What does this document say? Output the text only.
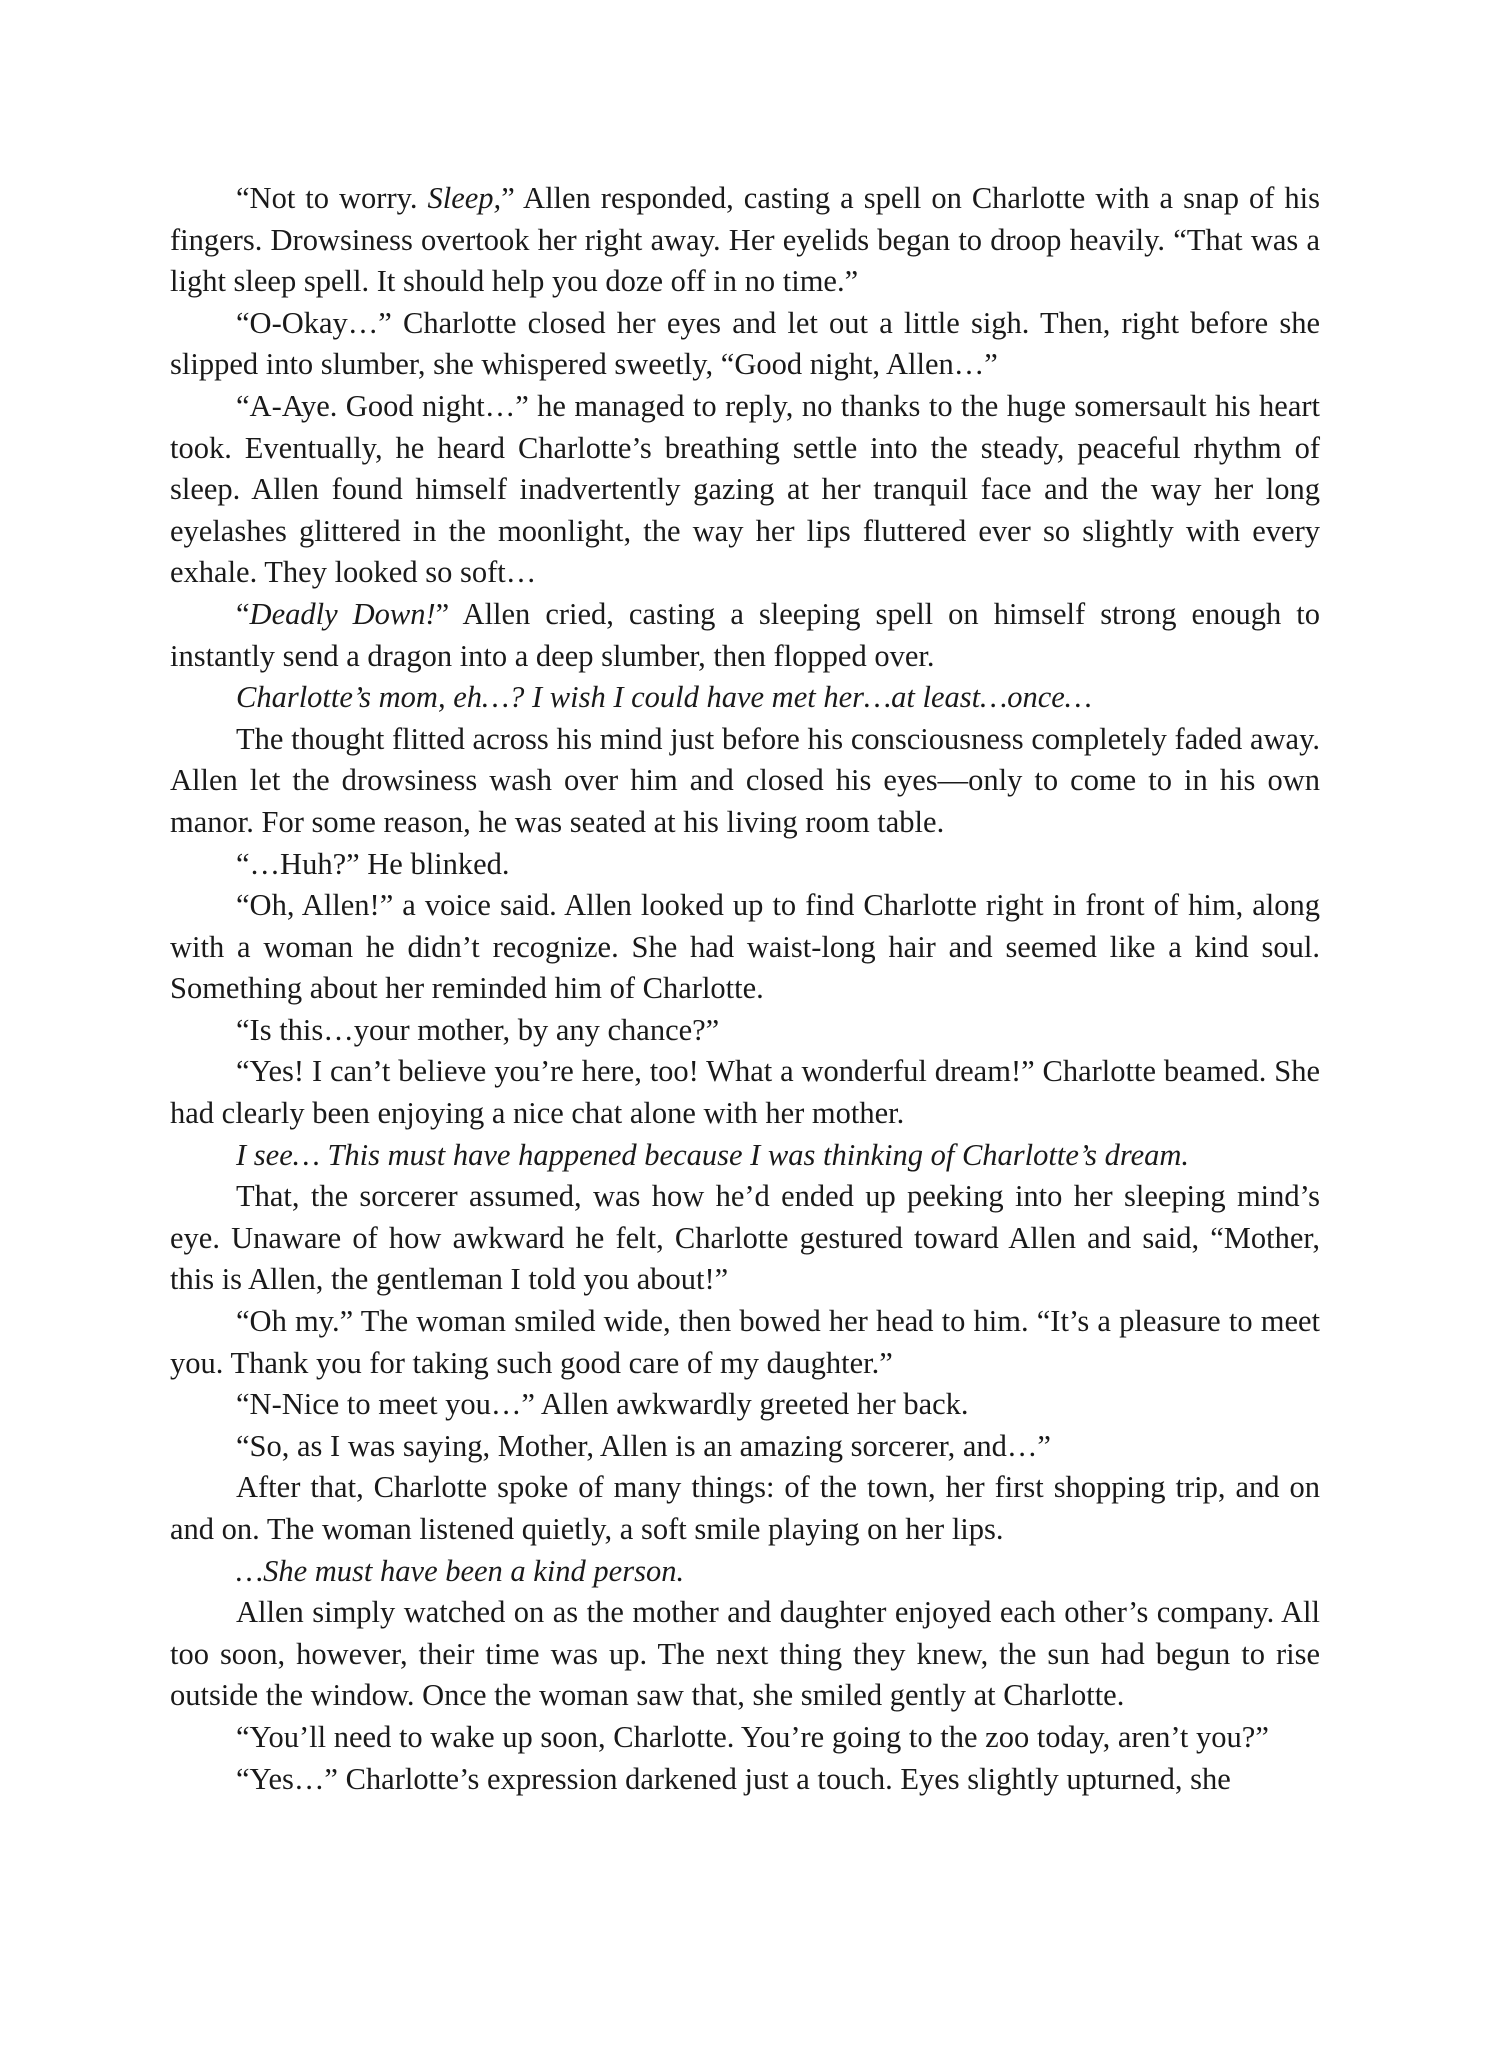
“Not to worry. Sleep,” Allen responded, casting a spell on Charlotte with a snap of his fingers. Drowsiness overtook her right away. Her eyelids began to droop heavily. “That was a light sleep spell. It should help you doze off in no time.”

“O-Okay…” Charlotte closed her eyes and let out a little sigh. Then, right before she slipped into slumber, she whispered sweetly, “Good night, Allen…”

“A-Aye. Good night…” he managed to reply, no thanks to the huge somersault his heart took. Eventually, he heard Charlotte’s breathing settle into the steady, peaceful rhythm of sleep. Allen found himself inadvertently gazing at her tranquil face and the way her long eyelashes glittered in the moonlight, the way her lips fluttered ever so slightly with every exhale. They looked so soft…

“Deadly Down!” Allen cried, casting a sleeping spell on himself strong enough to instantly send a dragon into a deep slumber, then flopped over.

Charlotte’s mom, eh…? I wish I could have met her…at least…once…

The thought flitted across his mind just before his consciousness completely faded away. Allen let the drowsiness wash over him and closed his eyes—only to come to in his own manor. For some reason, he was seated at his living room table.

“…Huh?” He blinked.

“Oh, Allen!” a voice said. Allen looked up to find Charlotte right in front of him, along with a woman he didn’t recognize. She had waist-long hair and seemed like a kind soul. Something about her reminded him of Charlotte.

“Is this…your mother, by any chance?”

“Yes! I can’t believe you’re here, too! What a wonderful dream!” Charlotte beamed. She had clearly been enjoying a nice chat alone with her mother.

I see… This must have happened because I was thinking of Charlotte’s dream.

That, the sorcerer assumed, was how he’d ended up peeking into her sleeping mind’s eye. Unaware of how awkward he felt, Charlotte gestured toward Allen and said, “Mother, this is Allen, the gentleman I told you about!”

“Oh my.” The woman smiled wide, then bowed her head to him. “It’s a pleasure to meet you. Thank you for taking such good care of my daughter.”

“N-Nice to meet you…” Allen awkwardly greeted her back.

“So, as I was saying, Mother, Allen is an amazing sorcerer, and…”

After that, Charlotte spoke of many things: of the town, her first shopping trip, and on and on. The woman listened quietly, a soft smile playing on her lips.

…She must have been a kind person.

Allen simply watched on as the mother and daughter enjoyed each other’s company. All too soon, however, their time was up. The next thing they knew, the sun had begun to rise outside the window. Once the woman saw that, she smiled gently at Charlotte.

“You’ll need to wake up soon, Charlotte. You’re going to the zoo today, aren’t you?”

“Yes…” Charlotte’s expression darkened just a touch. Eyes slightly upturned, she
